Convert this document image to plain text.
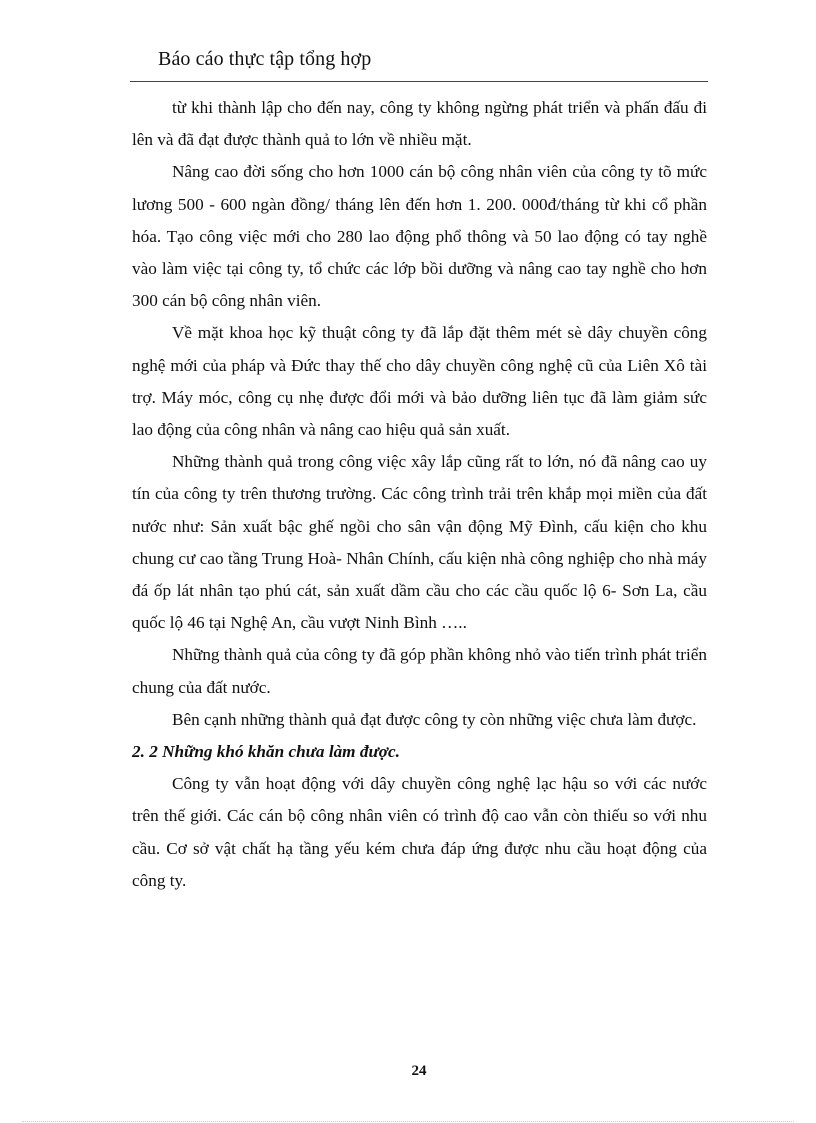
Báo cáo thực tập tổng hợp

từ khi thành lập cho đến nay, công ty không ngừng phát triển và phấn đấu đi lên và đã đạt được thành quả to lớn về nhiều mặt.

Nâng cao đời sống cho hơn 1000 cán bộ công nhân viên của công ty tõ mức lương 500 - 600 ngàn đồng/ tháng lên đến hơn 1. 200. 000đ/tháng từ khi cổ phần hóa. Tạo công việc mới cho 280 lao động phổ thông và 50 lao động có tay nghề vào làm việc tại công ty, tổ chức các lớp bồi dưỡng và nâng cao tay nghề cho hơn 300 cán bộ công nhân viên.

Về mặt khoa học kỹ thuật công ty đã lắp đặt thêm mét sè dây chuyền công nghệ mới của pháp và Đức thay thế cho dây chuyền công nghệ cũ của Liên Xô tài trợ. Máy móc, công cụ nhẹ được đổi mới và bảo dưỡng liên tục đã làm giảm sức lao động của công nhân và nâng cao hiệu quả sản xuất.

Những thành quả trong công việc xây lắp cũng rất to lớn, nó đã nâng cao uy tín của công ty trên thương trường. Các công trình trải trên khắp mọi miền của đất nước như: Sản xuất bậc ghế ngồi cho sân vận động Mỹ Đình, cấu kiện cho khu chung cư cao tầng Trung Hoà- Nhân Chính, cấu kiện nhà công nghiệp cho nhà máy đá ốp lát nhân tạo phú cát, sản xuất dầm cầu cho các cầu quốc lộ 6- Sơn La, cầu quốc lộ 46 tại Nghệ An, cầu vượt Ninh Bình …..

Những thành quả của công ty đã góp phần không nhỏ vào tiến trình phát triển chung của đất nước.

Bên cạnh những thành quả đạt được công ty còn những việc chưa làm được.

2. 2 Những khó khăn chưa làm được.

Công ty vẫn hoạt động với dây chuyền công nghệ lạc hậu so với các nước trên thế giới. Các cán bộ công nhân viên có trình độ cao vẫn còn thiếu so với nhu cầu. Cơ sở vật chất hạ tầng yếu kém chưa đáp ứng được nhu cầu hoạt động của công ty.

24
